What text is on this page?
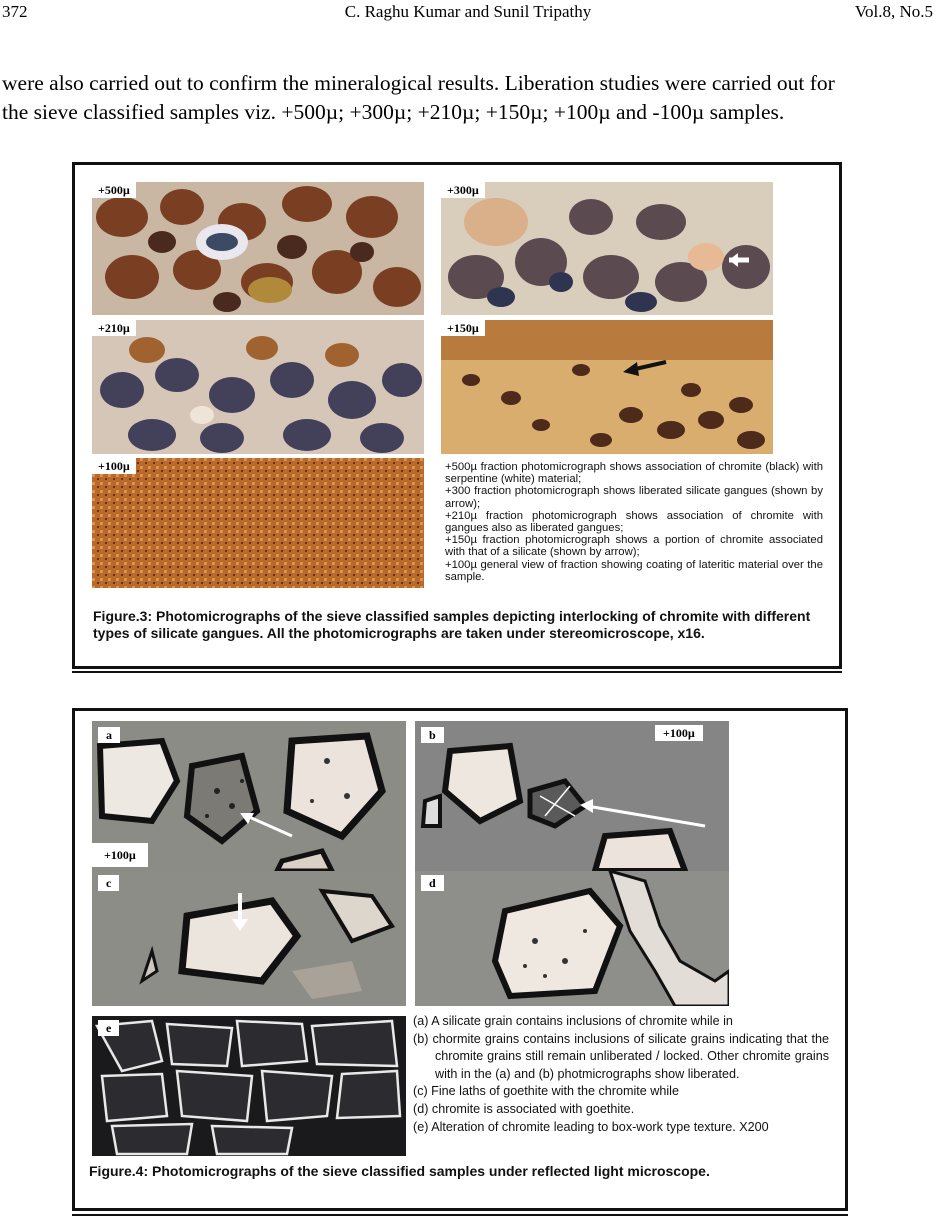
C. Raghu Kumar and Sunil Tripathy
372	Vol.8, No.5
were also carried out to confirm the mineralogical results. Liberation studies were carried out for
the sieve classified samples viz. +500µ; +300µ; +210µ; +150µ; +100µ and -100µ samples.
+500µ	+300µ
+210µ	+150µ
+100µ	+500µ fraction photomicrograph shows association of chromite (black) with serpentine (white) material;
+300 fraction photomicrograph shows liberated silicate gangues (shown by arrow);
+210µ fraction photomicrograph shows association of chromite with gangues also as liberated gangues;
+150µ fraction photomicrograph shows a portion of chromite associated with that of a silicate (shown by arrow);
+100µ general view of fraction showing coating of lateritic material over the sample.
Figure.3: Photomicrographs of the sieve classified samples depicting interlocking of chromite with different types of silicate gangues. All the photomicrographs are taken under stereomicroscope, x16.
a
+100µ
b	+100µ
c	d
e	(a) A silicate grain contains inclusions of chromite while in
(b) chormite grains contains inclusions of silicate grains indicating that the chromite grains still remain unliberated / locked. Other chromite grains with in the (a) and (b) photmicrographs show liberated.
(c) Fine laths of goethite with the chromite while
(d) chromite is associated with goethite.
(e) Alteration of chromite leading to box-work type texture. X200
Figure.4: Photomicrographs of the sieve classified samples under reflected light microscope.
